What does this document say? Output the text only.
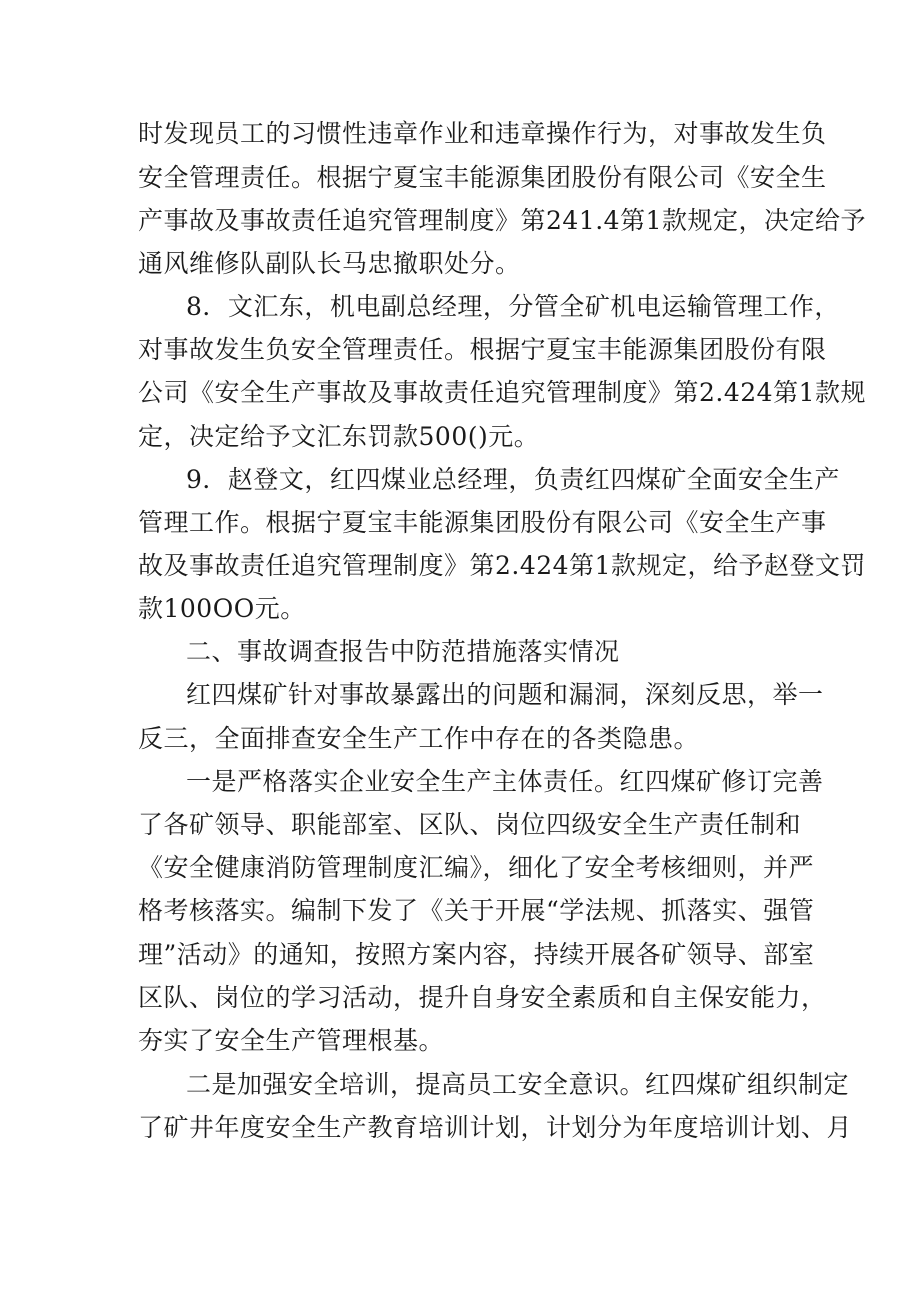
时发现员工的习惯性违章作业和违章操作行为，对事故发生负
安全管理责任。根据宁夏宝丰能源集团股份有限公司《安全生
产事故及事故责任追究管理制度》第241.4第1款规定，决定给予
通风维修队副队长马忠撤职处分。
8．文汇东，机电副总经理，分管全矿机电运输管理工作，
对事故发生负安全管理责任。根据宁夏宝丰能源集团股份有限
公司《安全生产事故及事故责任追究管理制度》第2.424第1款规
定，决定给予文汇东罚款500()元。
9．赵登文，红四煤业总经理，负责红四煤矿全面安全生产
管理工作。根据宁夏宝丰能源集团股份有限公司《安全生产事
故及事故责任追究管理制度》第2.424第1款规定，给予赵登文罚
款100OO元。
二、事故调查报告中防范措施落实情况
红四煤矿针对事故暴露出的问题和漏洞，深刻反思，举一
反三，全面排查安全生产工作中存在的各类隐患。
一是严格落实企业安全生产主体责任。红四煤矿修订完善
了各矿领导、职能部室、区队、岗位四级安全生产责任制和
《安全健康消防管理制度汇编》，细化了安全考核细则，并严
格考核落实。编制下发了《关于开展“学法规、抓落实、强管
理”活动》的通知，按照方案内容，持续开展各矿领导、部室
区队、岗位的学习活动，提升自身安全素质和自主保安能力，
夯实了安全生产管理根基。
二是加强安全培训，提高员工安全意识。红四煤矿组织制定
了矿井年度安全生产教育培训计划，计划分为年度培训计划、月
